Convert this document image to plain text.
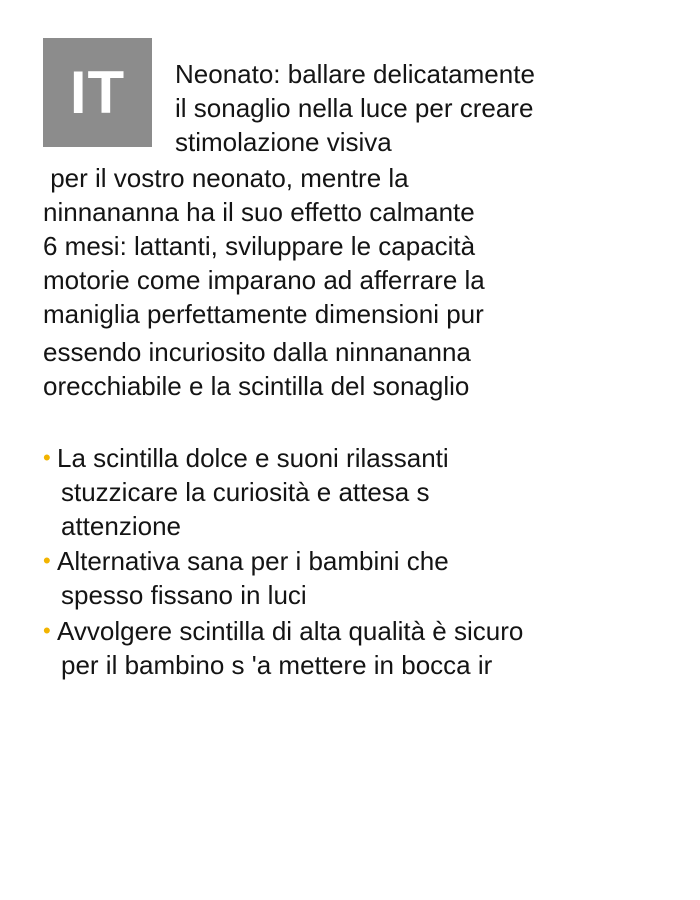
IT Neonato: ballare delicatamente
il sonaglio nella luce per creare
stimolazione visiva
per il vostro neonato, mentre la
ninnananna ha il suo effetto calmante
6 mesi: lattanti, sviluppare le capacità
motorie come imparano ad afferrare la
maniglia perfettamente dimensioni pur
essendo incuriosito dalla ninnananna
orecchiabile e la scintilla del sonaglio
• La scintilla dolce e suoni rilassanti
stuzzicare la curiosità e attesa s
attenzione
• Alternativa sana per i bambini che
spesso fissano in luci
• Avvolgere scintilla di alta qualità è sicuro
per il bambino s 'a mettere in bocca ir
